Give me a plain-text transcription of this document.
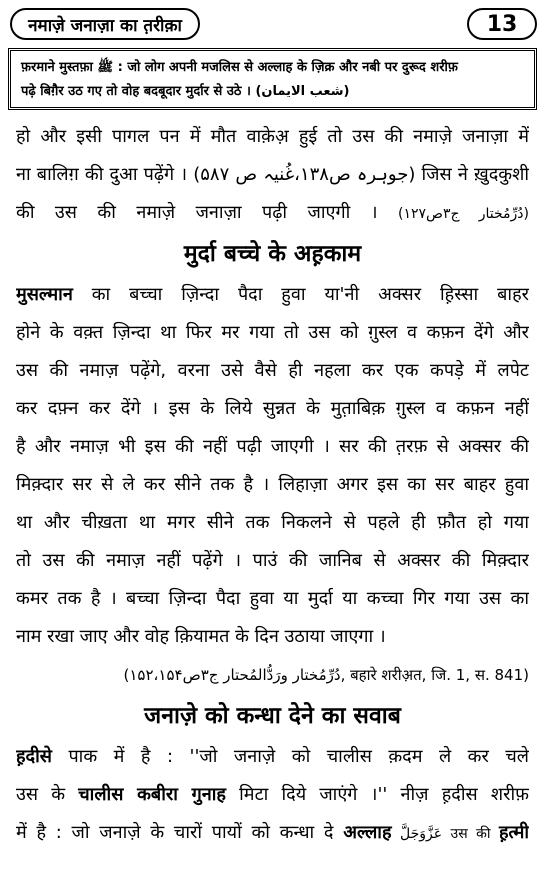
नमाज़े जनाज़ा का त़रीक़ा	13
फ़रमाने मुस्तफ़ा ﷺ : जो लोग अपनी मजलिस से अल्लाह के ज़िक्र और नबी पर दुरूद शरीफ़
पढ़े बिग़ैर उठ गए तो वोह बदबूदार मुर्दार से उठे । (شعب الایمان)
हो और इसी पागल पन में मौत वाक़ेअ़ हुई तो उस की नमाज़े जनाज़ा में
ना बालिग़ की दुआ पढ़ेंगे । (جوہرہ ص۱۳۸،غُنیہ ص ۵۸۷) जिस ने ख़ुदकुशी
की उस की नमाज़े जनाज़ा पढ़ी जाएगी । (دُرِّمُختار ج۳ص۱۲۷)
मुर्दा बच्चे के अह़काम
मुसल्मान का बच्चा ज़िन्दा पैदा हुवा या'नी अक्सर ह़िस्सा बाहर
होने के वक़्त ज़िन्दा था फिर मर गया तो उस को ग़ुस्ल व कफ़न देंगे और
उस की नमाज़ पढ़ेंगे, वरना उसे वैसे ही नहला कर एक कपड़े में लपेट
कर दफ़्न कर देंगे । इस के लिये सुन्नत के मुत़ाबिक़ ग़ुस्ल व कफ़न नहीं
है और नमाज़ भी इस की नहीं पढ़ी जाएगी । सर की त़रफ़ से अक्सर की
मिक़्दार सर से ले कर सीने तक है । लिहाज़ा अगर इस का सर बाहर हुवा
था और चीख़ता था मगर सीने तक निकलने से पहले ही फ़ौत हो गया
तो उस की नमाज़ नहीं पढ़ेंगे । पाउं की जानिब से अक्सर की मिक़्दार
कमर तक है । बच्चा ज़िन्दा पैदा हुवा या मुर्दा या कच्चा गिर गया उस का
नाम रखा जाए और वोह क़ियामत के दिन उठाया जाएगा ।
(دُرِّمُختار ورَدُّالمُحتار ج۳ص۱۵۲،۱۵۴, बहारे शरीअ़त, जि. 1, स. 841)
जनाज़े को कन्धा देने का सवाब
ह़दीसे पाक में है : ''जो जनाज़े को चालीस क़दम ले कर चले
उस के चालीस कबीरा गुनाह मिटा दिये जाएंगे ।'' नीज़ ह़दीस शरीफ़
में है : जो जनाज़े के चारों पायों को कन्धा दे अल्लाह عَزَّوَجَلَّ उस की ह़त्मी
